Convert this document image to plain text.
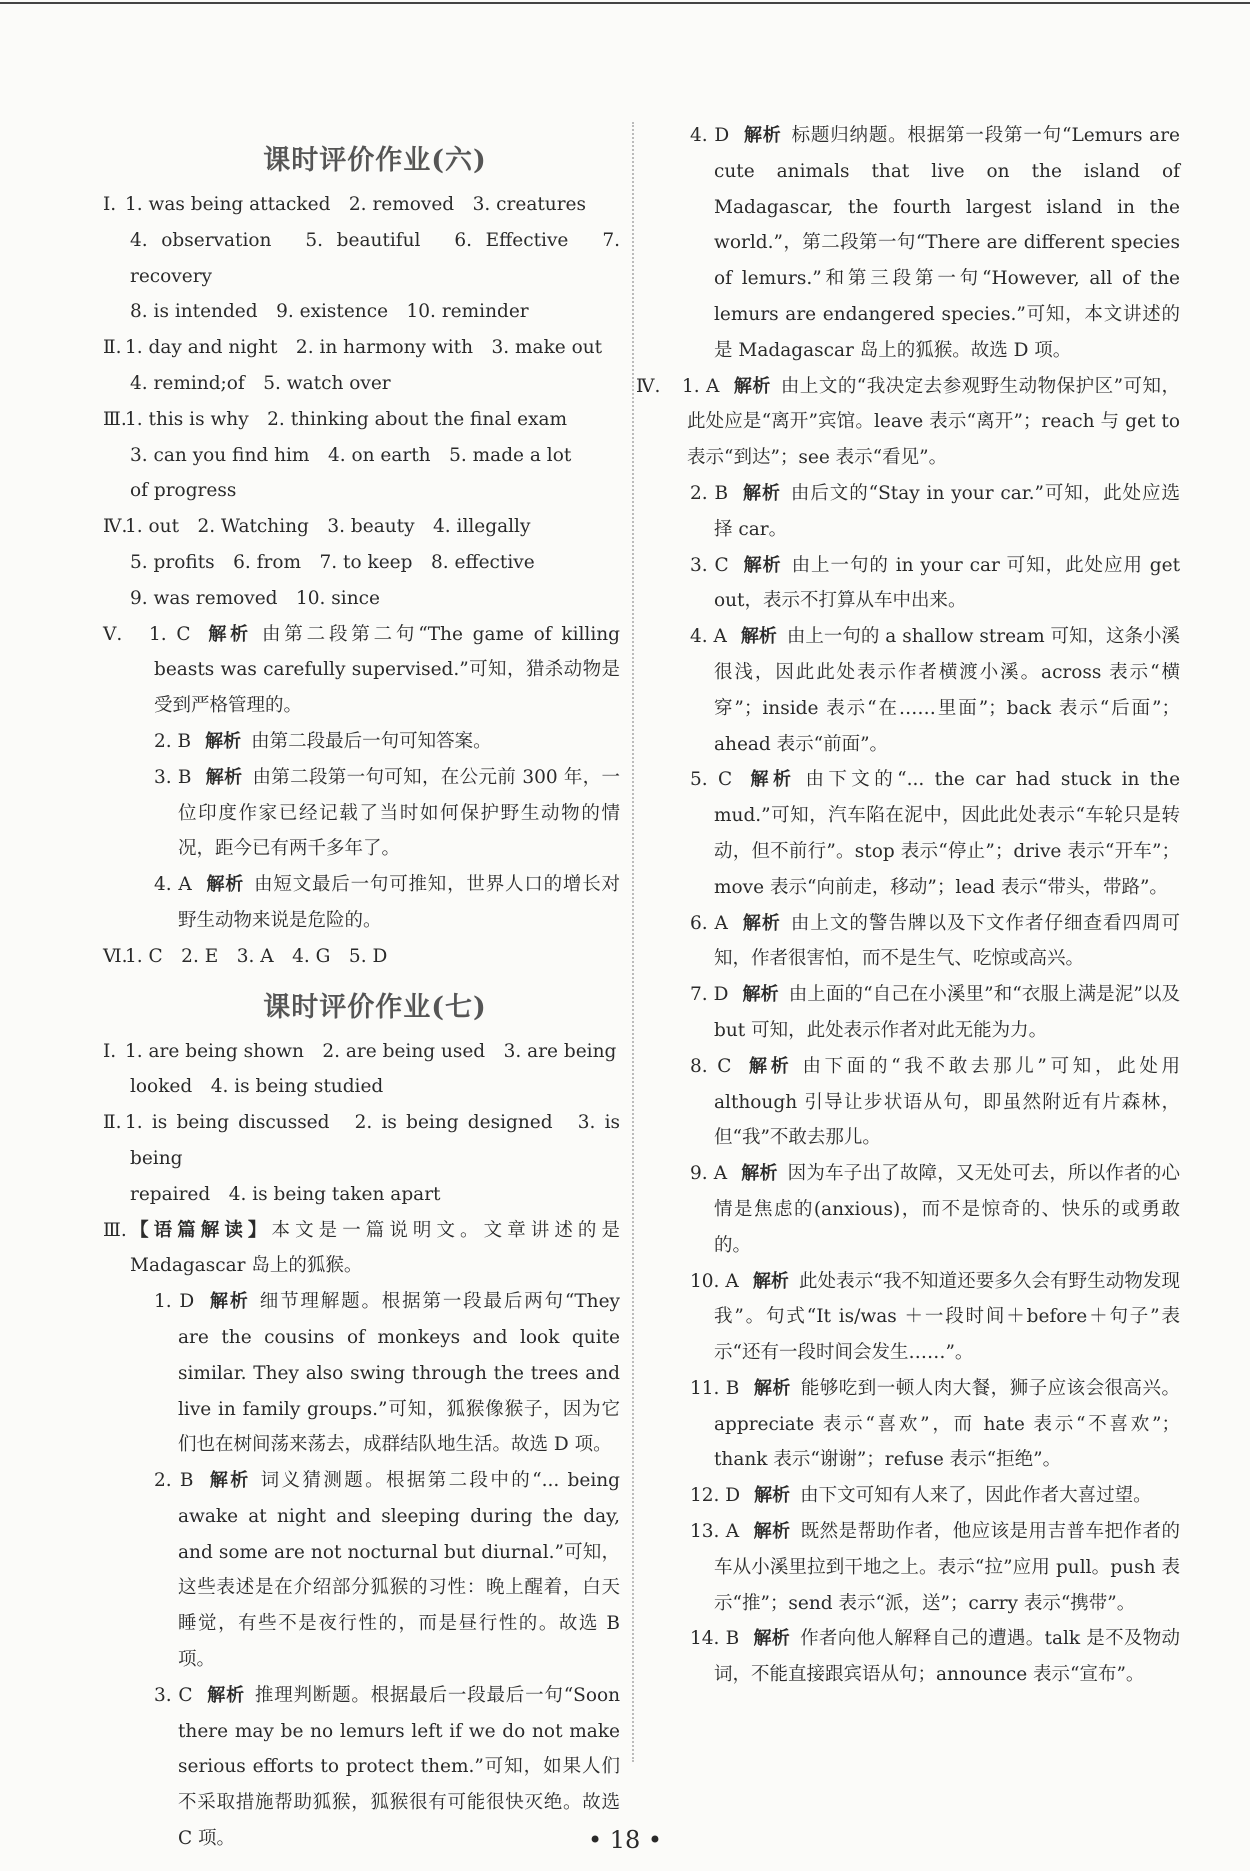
课时评价作业(六)
Ⅰ. 1. was being attacked　2. removed　3. creatures
4. observation　5. beautiful　6. Effective　7. recovery
8. is intended　9. existence　10. reminder
Ⅱ. 1. day and night　2. in harmony with　3. make out
4. remind;of　5. watch over
Ⅲ.1. this is why　2. thinking about the final exam
3. can you find him　4. on earth　5. made a lot
of progress
Ⅳ.1. out　2. Watching　3. beauty　4. illegally
5. profits　6. from　7. to keep　8. effective
9. was removed　10. since
Ⅴ. 1. C 解析 由第二段第二句“The game of killing beasts was carefully supervised.”可知，猎杀动物是受到严格管理的。
2. B 解析 由第二段最后一句可知答案。
3. B 解析 由第二段第一句可知，在公元前 300 年，一位印度作家已经记载了当时如何保护野生动物的情况，距今已有两千多年了。
4. A 解析 由短文最后一句可推知，世界人口的增长对野生动物来说是危险的。
Ⅵ.1. C　2. E　3. A　4. G　5. D
课时评价作业(七)
Ⅰ. 1. are being shown　2. are being used　3. are being
looked　4. is being studied
Ⅱ. 1. is being discussed　2. is being designed　3. is being
repaired　4. is being taken apart
Ⅲ.【语篇解读】本文是一篇说明文。文章讲述的是 Madagascar 岛上的狐猴。
1. D 解析 细节理解题。根据第一段最后两句“They are the cousins of monkeys and look quite similar. They also swing through the trees and live in family groups.”可知，狐猴像猴子，因为它们也在树间荡来荡去，成群结队地生活。故选 D 项。
2. B 解析 词义猜测题。根据第二段中的“... being awake at night and sleeping during the day, and some are not nocturnal but diurnal.”可知，这些表述是在介绍部分狐猴的习性：晚上醒着，白天睡觉，有些不是夜行性的，而是昼行性的。故选 B 项。
3. C 解析 推理判断题。根据最后一段最后一句“Soon there may be no lemurs left if we do not make serious efforts to protect them.”可知，如果人们不采取措施帮助狐猴，狐猴很有可能很快灭绝。故选 C 项。
4. D 解析 标题归纳题。根据第一段第一句“Lemurs are cute animals that live on the island of Madagascar, the fourth largest island in the world.”，第二段第一句“There are different species of lemurs.”和第三段第一句“However, all of the lemurs are endangered species.”可知，本文讲述的是 Madagascar 岛上的狐猴。故选 D 项。
Ⅳ. 1. A 解析 由上文的“我决定去参观野生动物保护区”可知，此处应是“离开”宾馆。leave 表示“离开”；reach 与 get to 表示“到达”；see 表示“看见”。
2. B 解析 由后文的“Stay in your car.”可知，此处应选择 car。
3. C 解析 由上一句的 in your car 可知，此处应用 get out，表示不打算从车中出来。
4. A 解析 由上一句的 a shallow stream 可知，这条小溪很浅，因此此处表示作者横渡小溪。across 表示“横穿”；inside 表示“在……里面”；back 表示“后面”；ahead 表示“前面”。
5. C 解析 由下文的“... the car had stuck in the mud.”可知，汽车陷在泥中，因此此处表示“车轮只是转动，但不前行”。stop 表示“停止”；drive 表示“开车”；move 表示“向前走，移动”；lead 表示“带头，带路”。
6. A 解析 由上文的警告牌以及下文作者仔细查看四周可知，作者很害怕，而不是生气、吃惊或高兴。
7. D 解析 由上面的“自己在小溪里”和“衣服上满是泥”以及 but 可知，此处表示作者对此无能为力。
8. C 解析 由下面的“我不敢去那儿”可知，此处用 although 引导让步状语从句，即虽然附近有片森林，但“我”不敢去那儿。
9. A 解析 因为车子出了故障，又无处可去，所以作者的心情是焦虑的(anxious)，而不是惊奇的、快乐的或勇敢的。
10. A 解析 此处表示“我不知道还要多久会有野生动物发现我”。句式“It is/was ＋一段时间＋before＋句子”表示“还有一段时间会发生……”。
11. B 解析 能够吃到一顿人肉大餐，狮子应该会很高兴。appreciate 表示“喜欢”，而 hate 表示“不喜欢”；thank 表示“谢谢”；refuse 表示“拒绝”。
12. D 解析 由下文可知有人来了，因此作者大喜过望。
13. A 解析 既然是帮助作者，他应该是用吉普车把作者的车从小溪里拉到干地之上。表示“拉”应用 pull。push 表示“推”；send 表示“派，送”；carry 表示“携带”。
14. B 解析 作者向他人解释自己的遭遇。talk 是不及物动词，不能直接跟宾语从句；announce 表示“宣布”。
• 18 •
